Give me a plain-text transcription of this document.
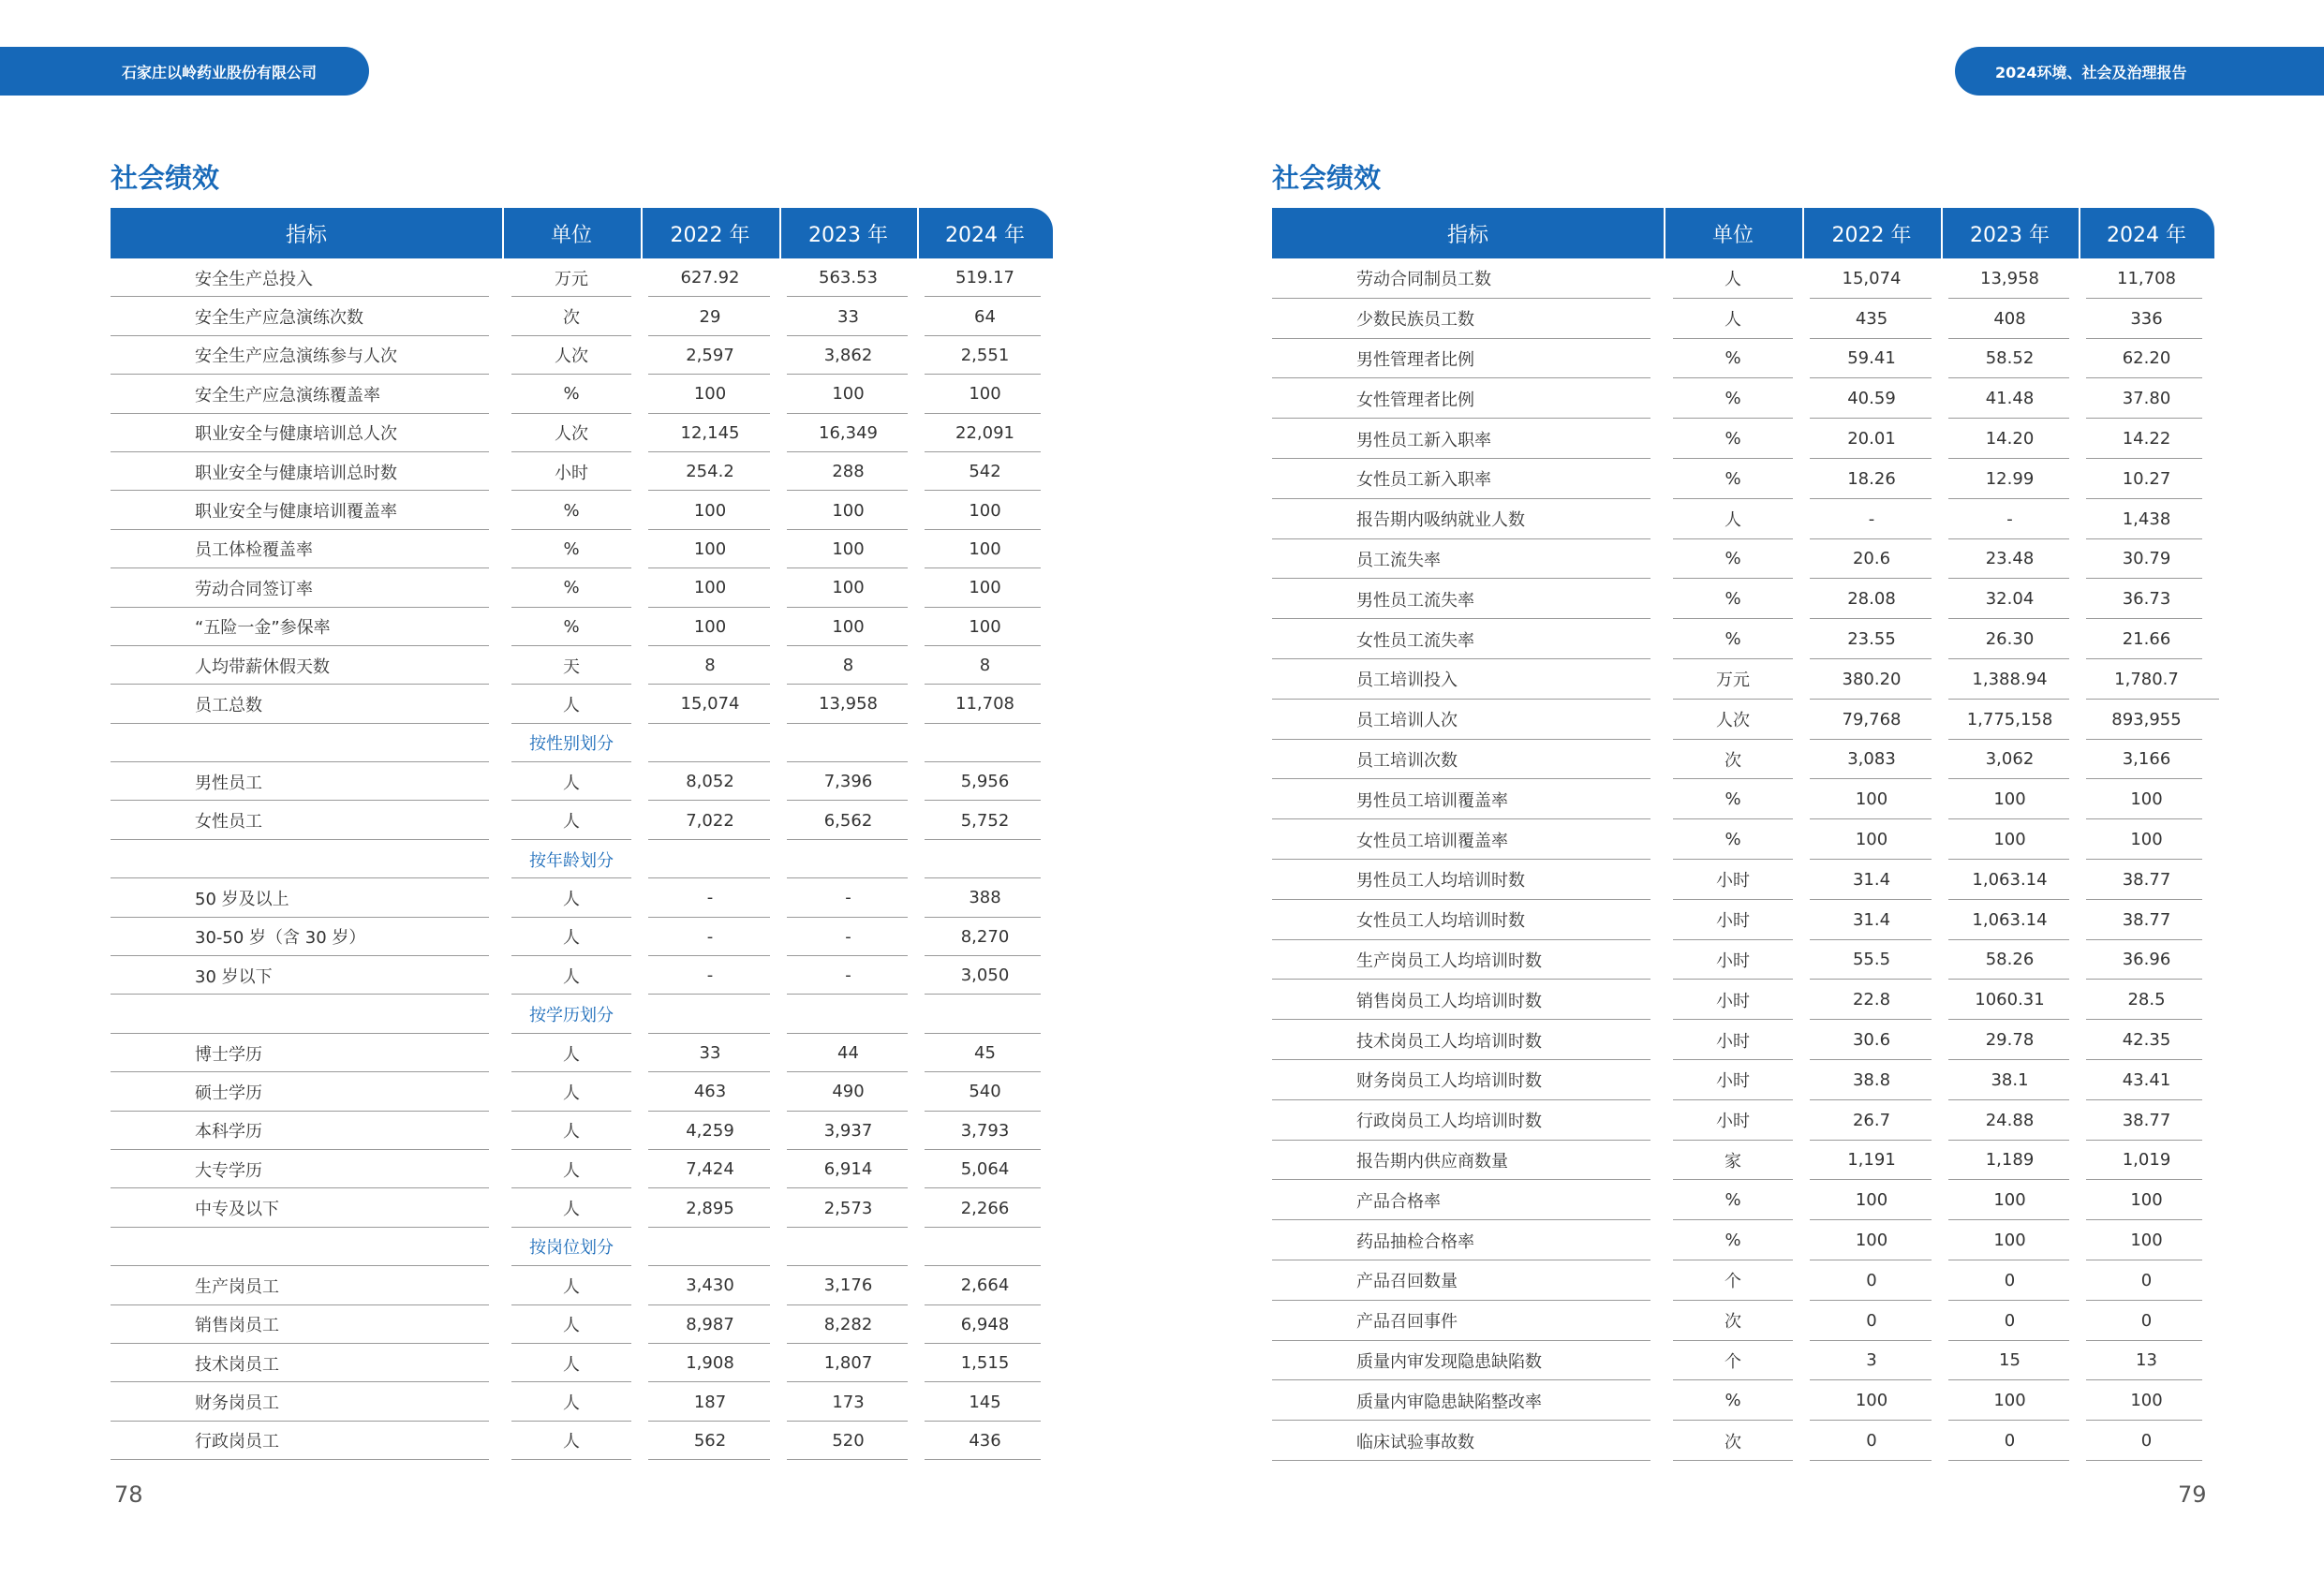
石家庄以岭药业股份有限公司	2024环境、社会及治理报告
社会绩效
指标	单位	2022 年	2023 年	2024 年
安全生产总投入	万元	627.92	563.53	519.17
安全生产应急演练次数	次	29	33	64
安全生产应急演练参与人次	人次	2,597	3,862	2,551
安全生产应急演练覆盖率	%	100	100	100
职业安全与健康培训总人次	人次	12,145	16,349	22,091
职业安全与健康培训总时数	小时	254.2	288	542
职业安全与健康培训覆盖率	%	100	100	100
员工体检覆盖率	%	100	100	100
劳动合同签订率	%	100	100	100
“五险一金”参保率	%	100	100	100
人均带薪休假天数	天	8	8	8
员工总数	人	15,074	13,958	11,708
按性别划分
男性员工	人	8,052	7,396	5,956
女性员工	人	7,022	6,562	5,752
按年龄划分
50 岁及以上	人	-	-	388
30-50 岁（含 30 岁）	人	-	-	8,270
30 岁以下	人	-	-	3,050
按学历划分
博士学历	人	33	44	45
硕士学历	人	463	490	540
本科学历	人	4,259	3,937	3,793
大专学历	人	7,424	6,914	5,064
中专及以下	人	2,895	2,573	2,266
按岗位划分
生产岗员工	人	3,430	3,176	2,664
销售岗员工	人	8,987	8,282	6,948
技术岗员工	人	1,908	1,807	1,515
财务岗员工	人	187	173	145
行政岗员工	人	562	520	436
78
社会绩效
指标	单位	2022 年	2023 年	2024 年
劳动合同制员工数	人	15,074	13,958	11,708
少数民族员工数	人	435	408	336
男性管理者比例	%	59.41	58.52	62.20
女性管理者比例	%	40.59	41.48	37.80
男性员工新入职率	%	20.01	14.20	14.22
女性员工新入职率	%	18.26	12.99	10.27
报告期内吸纳就业人数	人	-	-	1,438
员工流失率	%	20.6	23.48	30.79
男性员工流失率	%	28.08	32.04	36.73
女性员工流失率	%	23.55	26.30	21.66
员工培训投入	万元	380.20	1,388.94	1,780.7
员工培训人次	人次	79,768	1,775,158	893,955
员工培训次数	次	3,083	3,062	3,166
男性员工培训覆盖率	%	100	100	100
女性员工培训覆盖率	%	100	100	100
男性员工人均培训时数	小时	31.4	1,063.14	38.77
女性员工人均培训时数	小时	31.4	1,063.14	38.77
生产岗员工人均培训时数	小时	55.5	58.26	36.96
销售岗员工人均培训时数	小时	22.8	1060.31	28.5
技术岗员工人均培训时数	小时	30.6	29.78	42.35
财务岗员工人均培训时数	小时	38.8	38.1	43.41
行政岗员工人均培训时数	小时	26.7	24.88	38.77
报告期内供应商数量	家	1,191	1,189	1,019
产品合格率	%	100	100	100
药品抽检合格率	%	100	100	100
产品召回数量	个	0	0	0
产品召回事件	次	0	0	0
质量内审发现隐患缺陷数	个	3	15	13
质量内审隐患缺陷整改率	%	100	100	100
临床试验事故数	次	0	0	0
79
